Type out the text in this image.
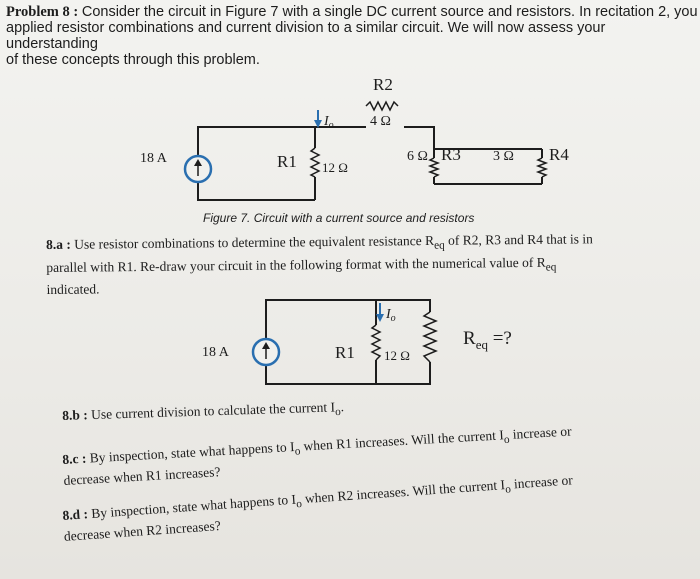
Problem 8 : Consider the circuit in Figure 7 with a single DC current source and resistors. In recitation 2, you
applied resistor combinations and current division to a similar circuit. We will now assess your understanding
of these concepts through this problem.
R2
4 Ω
18 A
$I_o$
R1 12 Ω
6 Ω R3 3 Ω R4
Figure 7. Circuit with a current source and resistors
8.a : Use resistor combinations to determine the equivalent resistance $R_{eq}$ of R2, R3 and R4 that is in
parallel with R1. Re-draw your circuit in the following format with the numerical value of $R_{eq}$
indicated.
18 A
$I_o$
R1 12 Ω
$R_{eq}$ =?
8.b : Use current division to calculate the current $I_o$.
8.c : By inspection, state what happens to $I_o$ when R1 increases. Will the current $I_o$ increase or
decrease when R1 increases?
8.d : By inspection, state what happens to $I_o$ when R2 increases. Will the current $I_o$ increase or
decrease when R2 increases?
